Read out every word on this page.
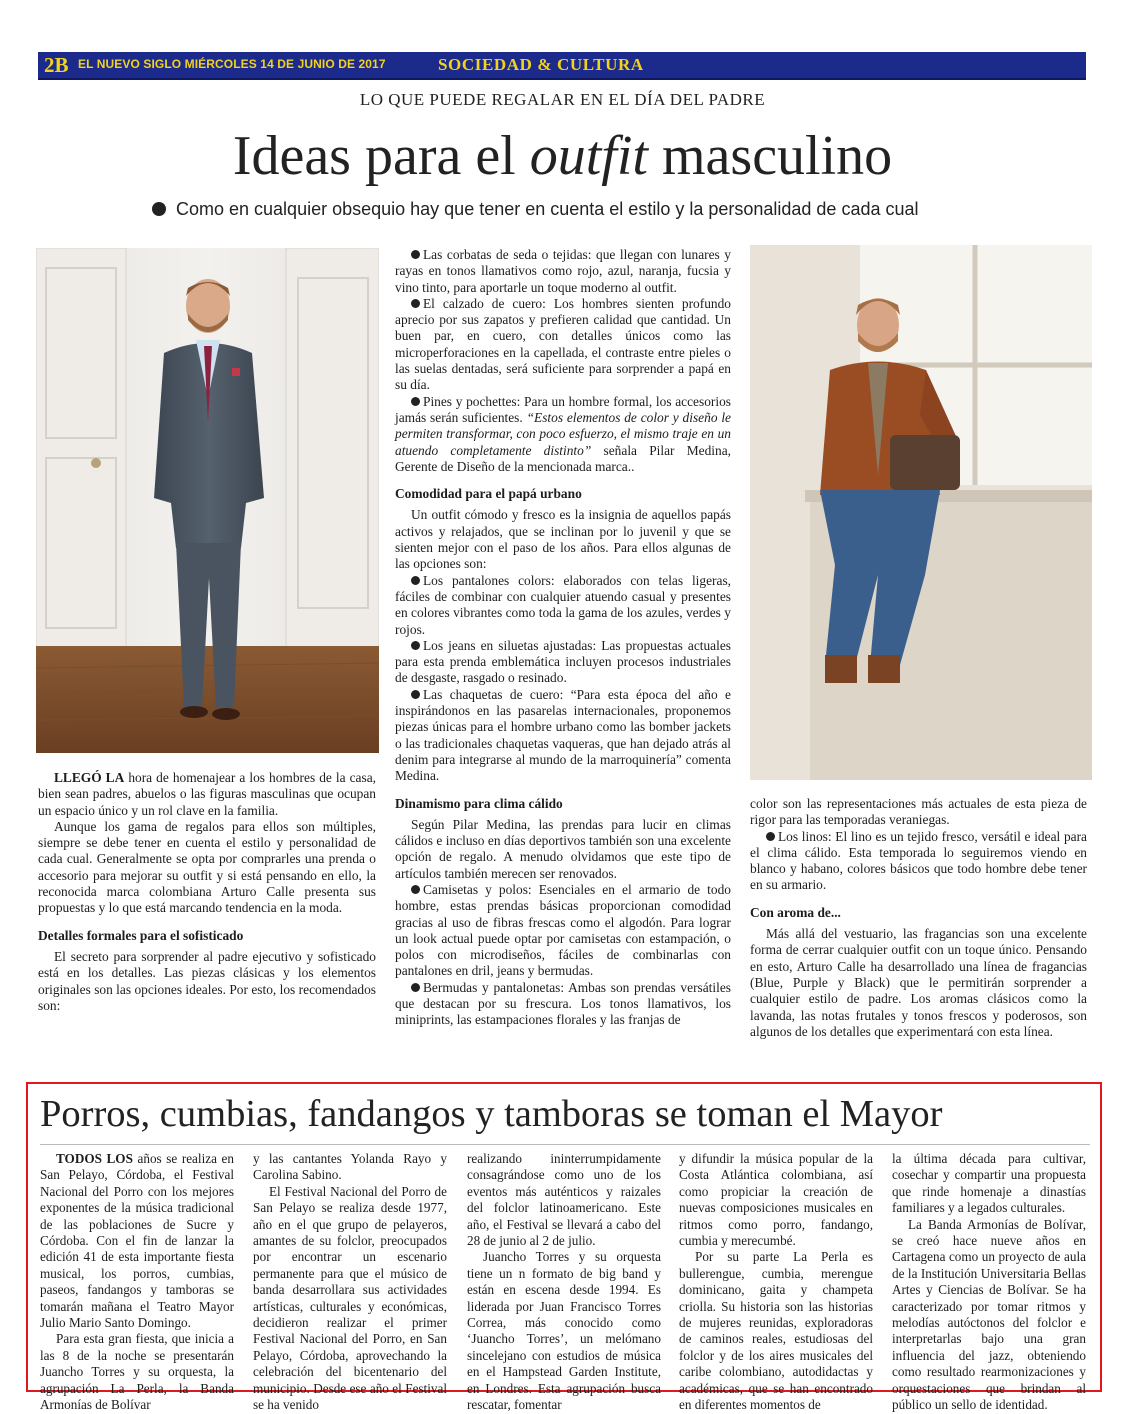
2B EL NUEVO SIGLO MIÉRCOLES 14 DE JUNIO DE 2017	SOCIEDAD & CULTURA
LO QUE PUEDE REGALAR EN EL DÍA DEL PADRE
Ideas para el outfit masculino
Como en cualquier obsequio hay que tener en cuenta el estilo y la personalidad de cada cual

LLEGÓ LA hora de homenajear a los hombres de la casa, bien sean padres, abuelos o las figuras masculinas que ocupan un espacio único y un rol clave en la familia.

Aunque los gama de regalos para ellos son múltiples, siempre se debe tener en cuenta el estilo y personalidad de cada cual. Generalmente se opta por comprarles una prenda o accesorio para mejorar su outfit y si está pensando en ello, la reconocida marca colombiana Arturo Calle presenta sus propuestas y lo que está marcando tendencia en la moda.

Detalles formales para el sofisticado

El secreto para sorprender al padre ejecutivo y sofisticado está en los detalles. Las piezas clásicas y los elementos originales son las opciones ideales. Por esto, los recomendados son:

Las corbatas de seda o tejidas: que llegan con lunares y rayas en tonos llamativos como rojo, azul, naranja, fucsia y vino tinto, para aportarle un toque moderno al outfit.

El calzado de cuero: Los hombres sienten profundo aprecio por sus zapatos y prefieren calidad que cantidad. Un buen par, en cuero, con detalles únicos como las microperforaciones en la capellada, el contraste entre pieles o las suelas dentadas, será suficiente para sorprender a papá en su día.

Pines y pochettes: Para un hombre formal, los accesorios jamás serán suficientes. “Estos elementos de color y diseño le permiten transformar, con poco esfuerzo, el mismo traje en un atuendo completamente distinto” señala Pilar Medina, Gerente de Diseño de la mencionada marca..

Comodidad para el papá urbano

Un outfit cómodo y fresco es la insignia de aquellos papás activos y relajados, que se inclinan por lo juvenil y que se sienten mejor con el paso de los años. Para ellos algunas de las opciones son:

Los pantalones colors: elaborados con telas ligeras, fáciles de combinar con cualquier atuendo casual y presentes en colores vibrantes como toda la gama de los azules, verdes y rojos.

Los jeans en siluetas ajustadas: Las propuestas actuales para esta prenda emblemática incluyen procesos industriales de desgaste, rasgado o resinado.

Las chaquetas de cuero: “Para esta época del año e inspirándonos en las pasarelas internacionales, proponemos piezas únicas para el hombre urbano como las bomber jackets o las tradicionales chaquetas vaqueras, que han dejado atrás al denim para integrarse al mundo de la marroquinería” comenta Medina.

Dinamismo para clima cálido

Según Pilar Medina, las prendas para lucir en climas cálidos e incluso en días deportivos también son una excelente opción de regalo. A menudo olvidamos que este tipo de artículos también merecen ser renovados.

Camisetas y polos: Esenciales en el armario de todo hombre, estas prendas básicas proporcionan comodidad gracias al uso de fibras frescas como el algodón. Para lograr un look actual puede optar por camisetas con estampación, o polos con microdiseños, fáciles de combinarlas con pantalones en dril, jeans y bermudas.

Bermudas y pantalonetas: Ambas son prendas versátiles que destacan por su frescura. Los tonos llamativos, los miniprints, las estampaciones florales y las franjas de

color son las representaciones más actuales de esta pieza de rigor para las temporadas veraniegas.

Los linos: El lino es un tejido fresco, versátil e ideal para el clima cálido. Esta temporada lo seguiremos viendo en blanco y habano, colores básicos que todo hombre debe tener en su armario.

Con aroma de...

Más allá del vestuario, las fragancias son una excelente forma de cerrar cualquier outfit con un toque único. Pensando en esto, Arturo Calle ha desarrollado una línea de fragancias (Blue, Purple y Black) que le permitirán sorprender a cualquier estilo de padre. Los aromas clásicos como la lavanda, las notas frutales y tonos frescos y poderosos, son algunos de los detalles que experimentará con esta línea.

Porros, cumbias, fandangos y tamboras se toman el Mayor

TODOS LOS años se realiza en San Pelayo, Córdoba, el Festival Nacional del Porro con los mejores exponentes de la música tradicional de las poblaciones de Sucre y Córdoba. Con el fin de lanzar la edición 41 de esta importante fiesta musical, los porros, cumbias, paseos, fandangos y tamboras se tomarán mañana el Teatro Mayor Julio Mario Santo Domingo.

Para esta gran fiesta, que inicia a las 8 de la noche se presentarán Juancho Torres y su orquesta, la agrupación La Perla, la Banda Armonías de Bolívar

y las cantantes Yolanda Rayo y Carolina Sabino.

El Festival Nacional del Porro de San Pelayo se realiza desde 1977, año en el que grupo de pelayeros, amantes de su folclor, preocupados por encontrar un escenario permanente para que el músico de banda desarrollara sus actividades artísticas, culturales y económicas, decidieron realizar el primer Festival Nacional del Porro, en San Pelayo, Córdoba, aprovechando la celebración del bicentenario del municipio. Desde ese año el Festival se ha venido

realizando ininterrumpidamente consagrándose como uno de los eventos más auténticos y raizales del folclor latinoamericano. Este año, el Festival se llevará a cabo del 28 de junio al 2 de julio.

Juancho Torres y su orquesta tiene un n formato de big band y están en escena desde 1994. Es liderada por Juan Francisco Torres Correa, más conocido como ‘Juancho Torres’, un melómano sincelejano con estudios de música en el Hampstead Garden Institute, en Londres. Esta agrupación busca rescatar, fomentar

y difundir la música popular de la Costa Atlántica colombiana, así como propiciar la creación de nuevas composiciones musicales en ritmos como porro, fandango, cumbia y merecumbé.

Por su parte La Perla es bullerengue, cumbia, merengue dominicano, gaita y champeta criolla. Su historia son las historias de mujeres reunidas, exploradoras de caminos reales, estudiosas del folclor y de los aires musicales del caribe colombiano, autodidactas y académicas, que se han encontrado en diferentes momentos de

la última década para cultivar, cosechar y compartir una propuesta que rinde homenaje a dinastías familiares y a legados culturales.

La Banda Armonías de Bolívar, se creó hace nueve años en Cartagena como un proyecto de aula de la Institución Universitaria Bellas Artes y Ciencias de Bolívar. Se ha caracterizado por tomar ritmos y melodías autóctonos del folclor e interpretarlas bajo una gran influencia del jazz, obteniendo como resultado rearmonizaciones y orquestaciones que brindan al público un sello de identidad.
